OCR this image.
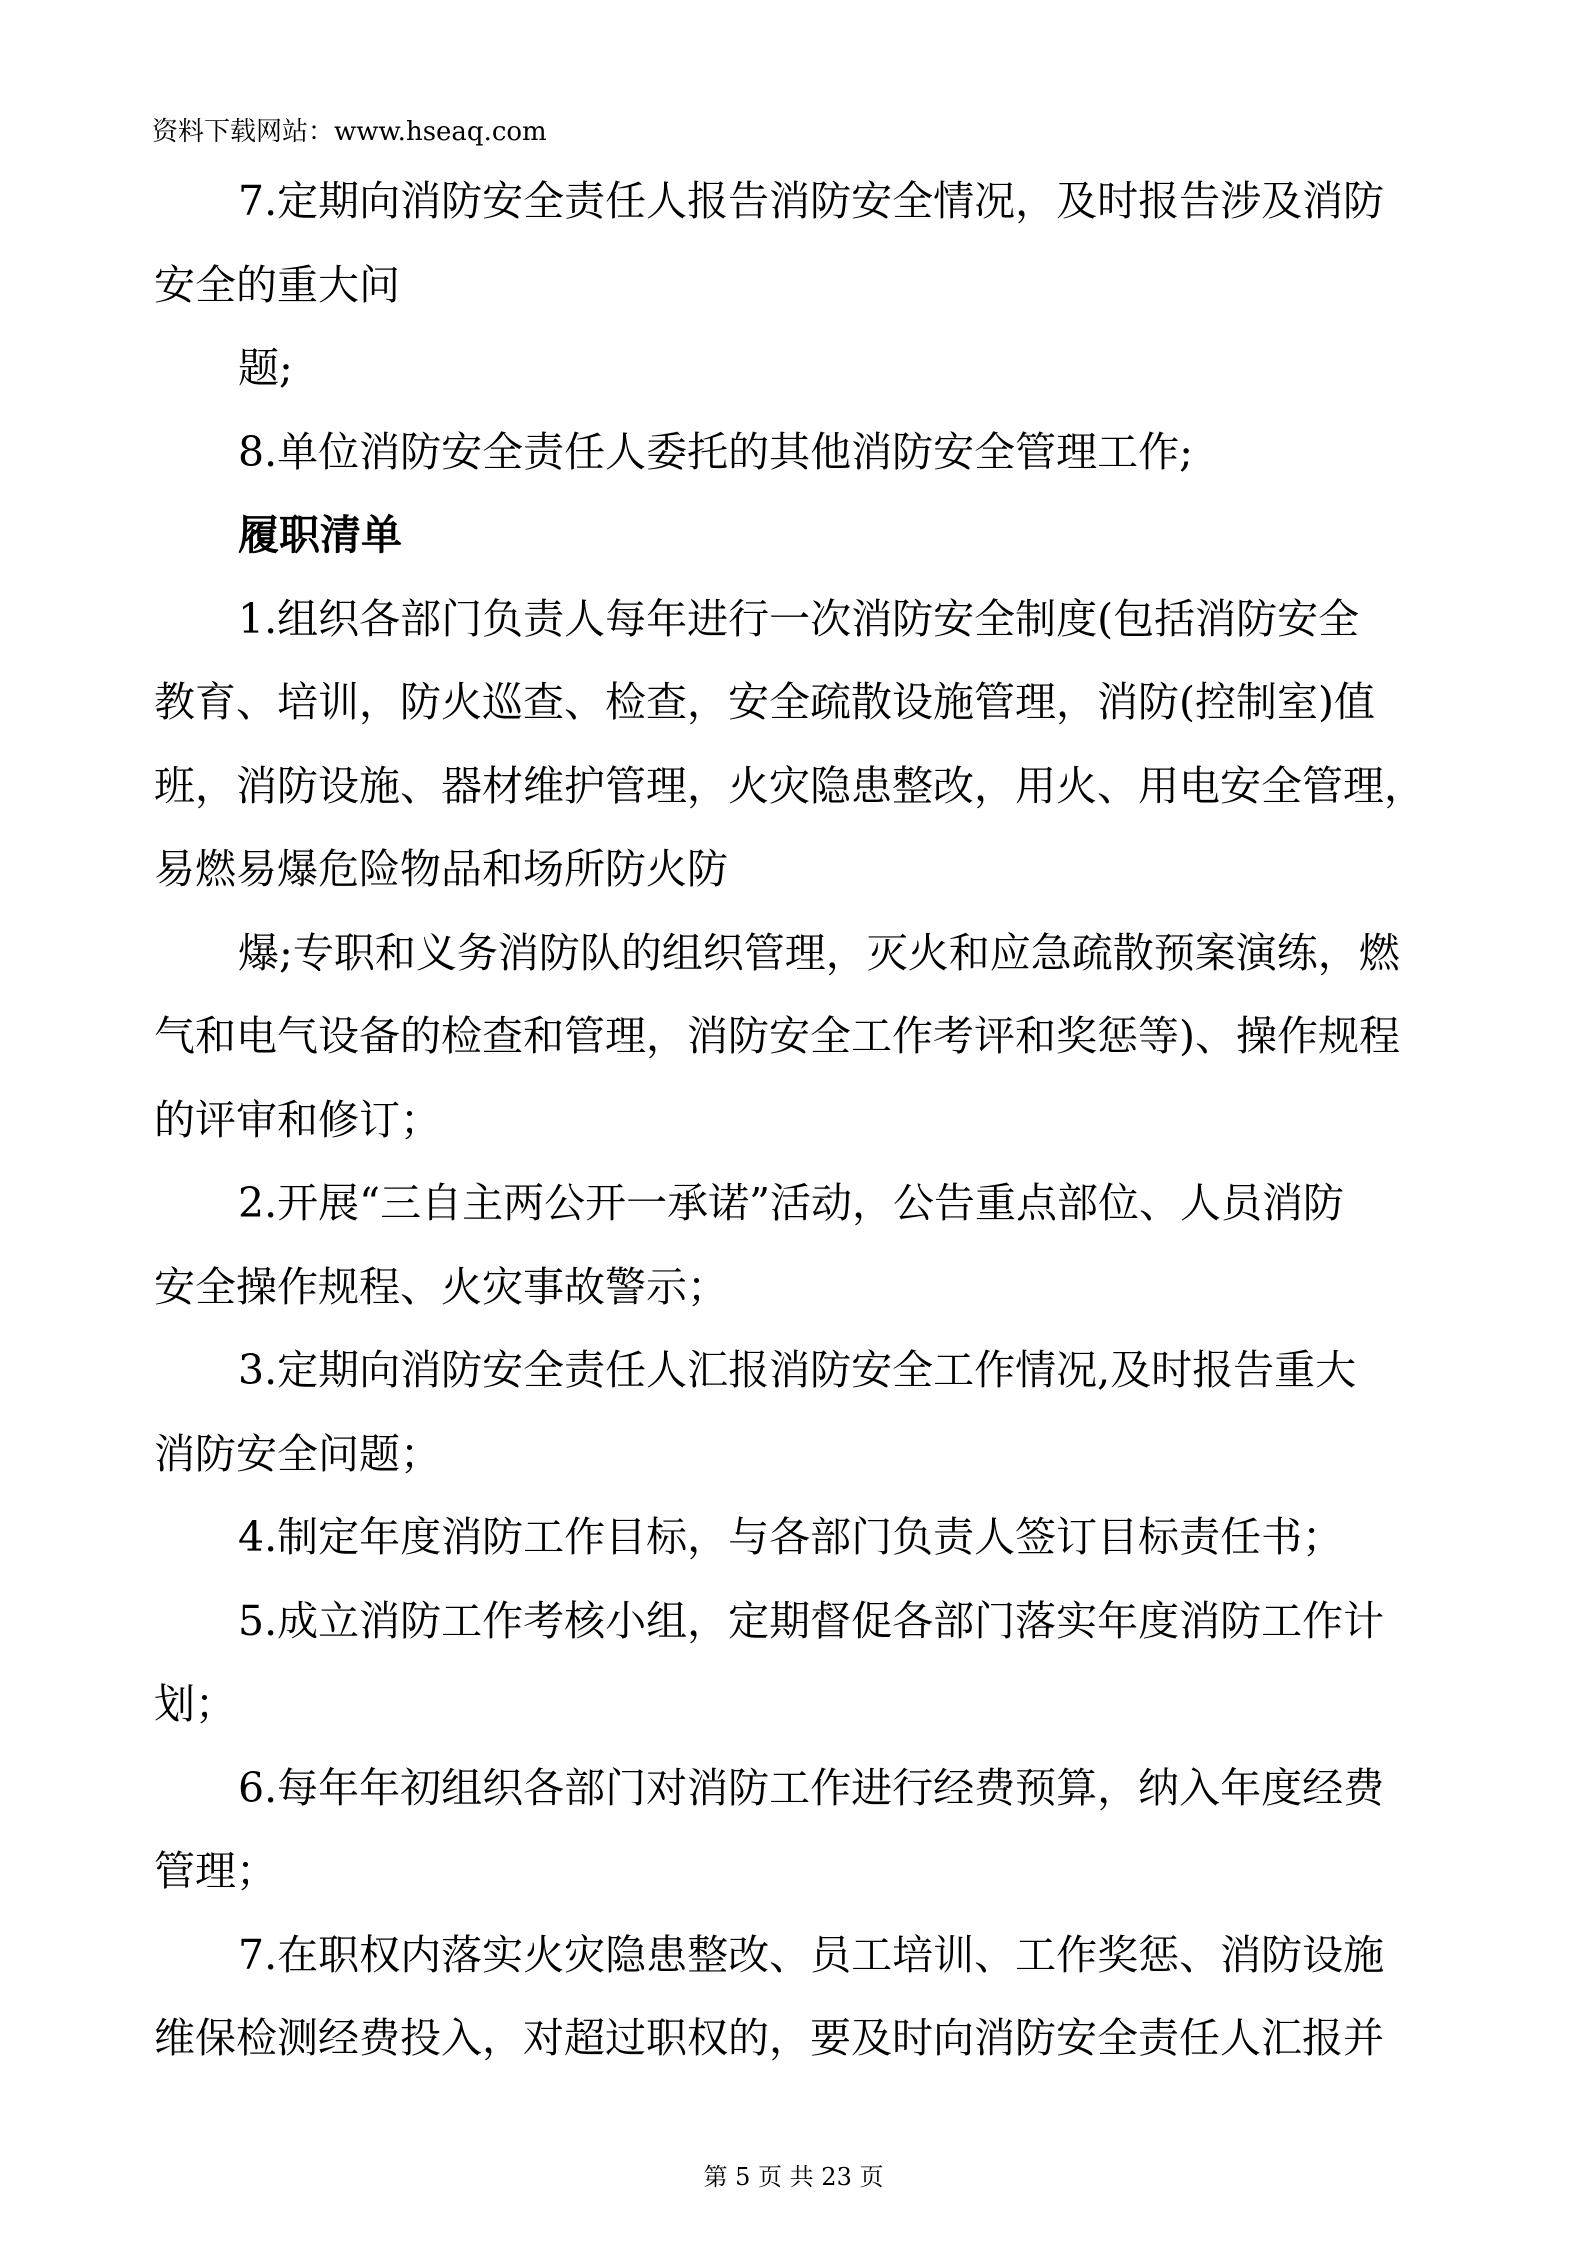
资料下载网站：www.hseaq.com
7.定期向消防安全责任人报告消防安全情况，及时报告涉及消防
安全的重大问
题;
8.单位消防安全责任人委托的其他消防安全管理工作;
履职清单
1.组织各部门负责人每年进行一次消防安全制度(包括消防安全
教育、培训，防火巡查、检查，安全疏散设施管理，消防(控制室)值
班，消防设施、器材维护管理，火灾隐患整改，用火、用电安全管理，
易燃易爆危险物品和场所防火防
爆;专职和义务消防队的组织管理，灭火和应急疏散预案演练，燃
气和电气设备的检查和管理，消防安全工作考评和奖惩等)、操作规程
的评审和修订；
2.开展“三自主两公开一承诺”活动，公告重点部位、人员消防
安全操作规程、火灾事故警示；
3.定期向消防安全责任人汇报消防安全工作情况,及时报告重大
消防安全问题；
4.制定年度消防工作目标，与各部门负责人签订目标责任书；
5.成立消防工作考核小组，定期督促各部门落实年度消防工作计
划；
6.每年年初组织各部门对消防工作进行经费预算，纳入年度经费
管理；
7.在职权内落实火灾隐患整改、员工培训、工作奖惩、消防设施
维保检测经费投入，对超过职权的，要及时向消防安全责任人汇报并
第 5 页 共 23 页
